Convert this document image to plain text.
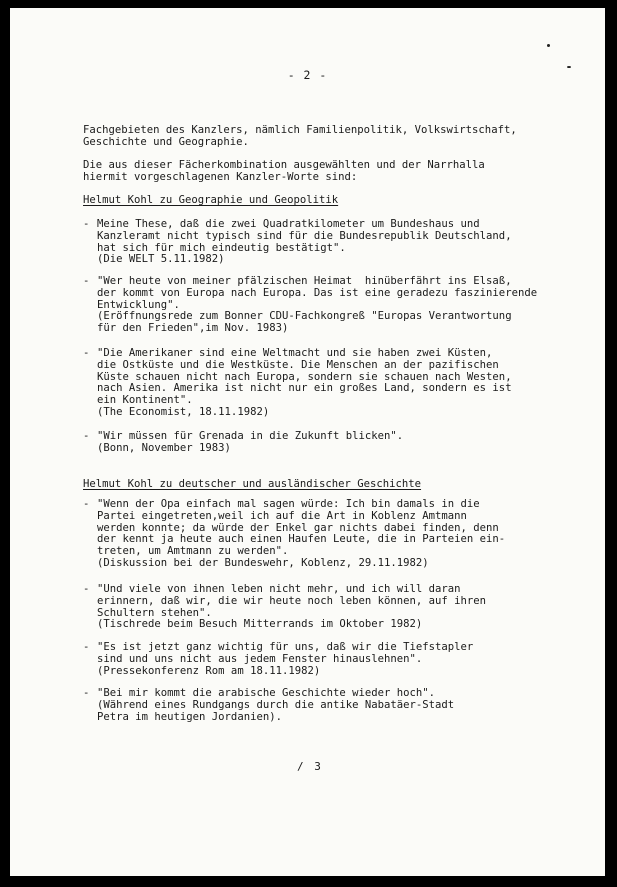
- 2 -

Fachgebieten des Kanzlers, nämlich Familienpolitik, Volkswirtschaft,
Geschichte und Geographie.

Die aus dieser Fächerkombination ausgewählten und der Narrhalla
hiermit vorgeschlagenen Kanzler-Worte sind:

Helmut Kohl zu Geographie und Geopolitik

- Meine These, daß die zwei Quadratkilometer um Bundeshaus und
Kanzleramt nicht typisch sind für die Bundesrepublik Deutschland,
hat sich für mich eindeutig bestätigt".
(Die WELT 5.11.1982)

- "Wer heute von meiner pfälzischen Heimat  hinüberfährt ins Elsaß,
der kommt von Europa nach Europa. Das ist eine geradezu faszinierende
Entwicklung".
(Eröffnungsrede zum Bonner CDU-Fachkongreß "Europas Verantwortung
für den Frieden",im Nov. 1983)

- "Die Amerikaner sind eine Weltmacht und sie haben zwei Küsten,
die Ostküste und die Westküste. Die Menschen an der pazifischen
Küste schauen nicht nach Europa, sondern sie schauen nach Westen,
nach Asien. Amerika ist nicht nur ein großes Land, sondern es ist
ein Kontinent".
(The Economist, 18.11.1982)

- "Wir müssen für Grenada in die Zukunft blicken".
(Bonn, November 1983)

Helmut Kohl zu deutscher und ausländischer Geschichte

- "Wenn der Opa einfach mal sagen würde: Ich bin damals in die
Partei eingetreten,weil ich auf die Art in Koblenz Amtmann
werden konnte; da würde der Enkel gar nichts dabei finden, denn
der kennt ja heute auch einen Haufen Leute, die in Parteien ein-
treten, um Amtmann zu werden".
(Diskussion bei der Bundeswehr, Koblenz, 29.11.1982)

- "Und viele von ihnen leben nicht mehr, und ich will daran
erinnern, daß wir, die wir heute noch leben können, auf ihren
Schultern stehen".
(Tischrede beim Besuch Mitterrands im Oktober 1982)

- "Es ist jetzt ganz wichtig für uns, daß wir die Tiefstapler
sind und uns nicht aus jedem Fenster hinauslehnen".
(Pressekonferenz Rom am 18.11.1982)

- "Bei mir kommt die arabische Geschichte wieder hoch".
(Während eines Rundgangs durch die antike Nabatäer-Stadt
Petra im heutigen Jordanien).

/ 3
